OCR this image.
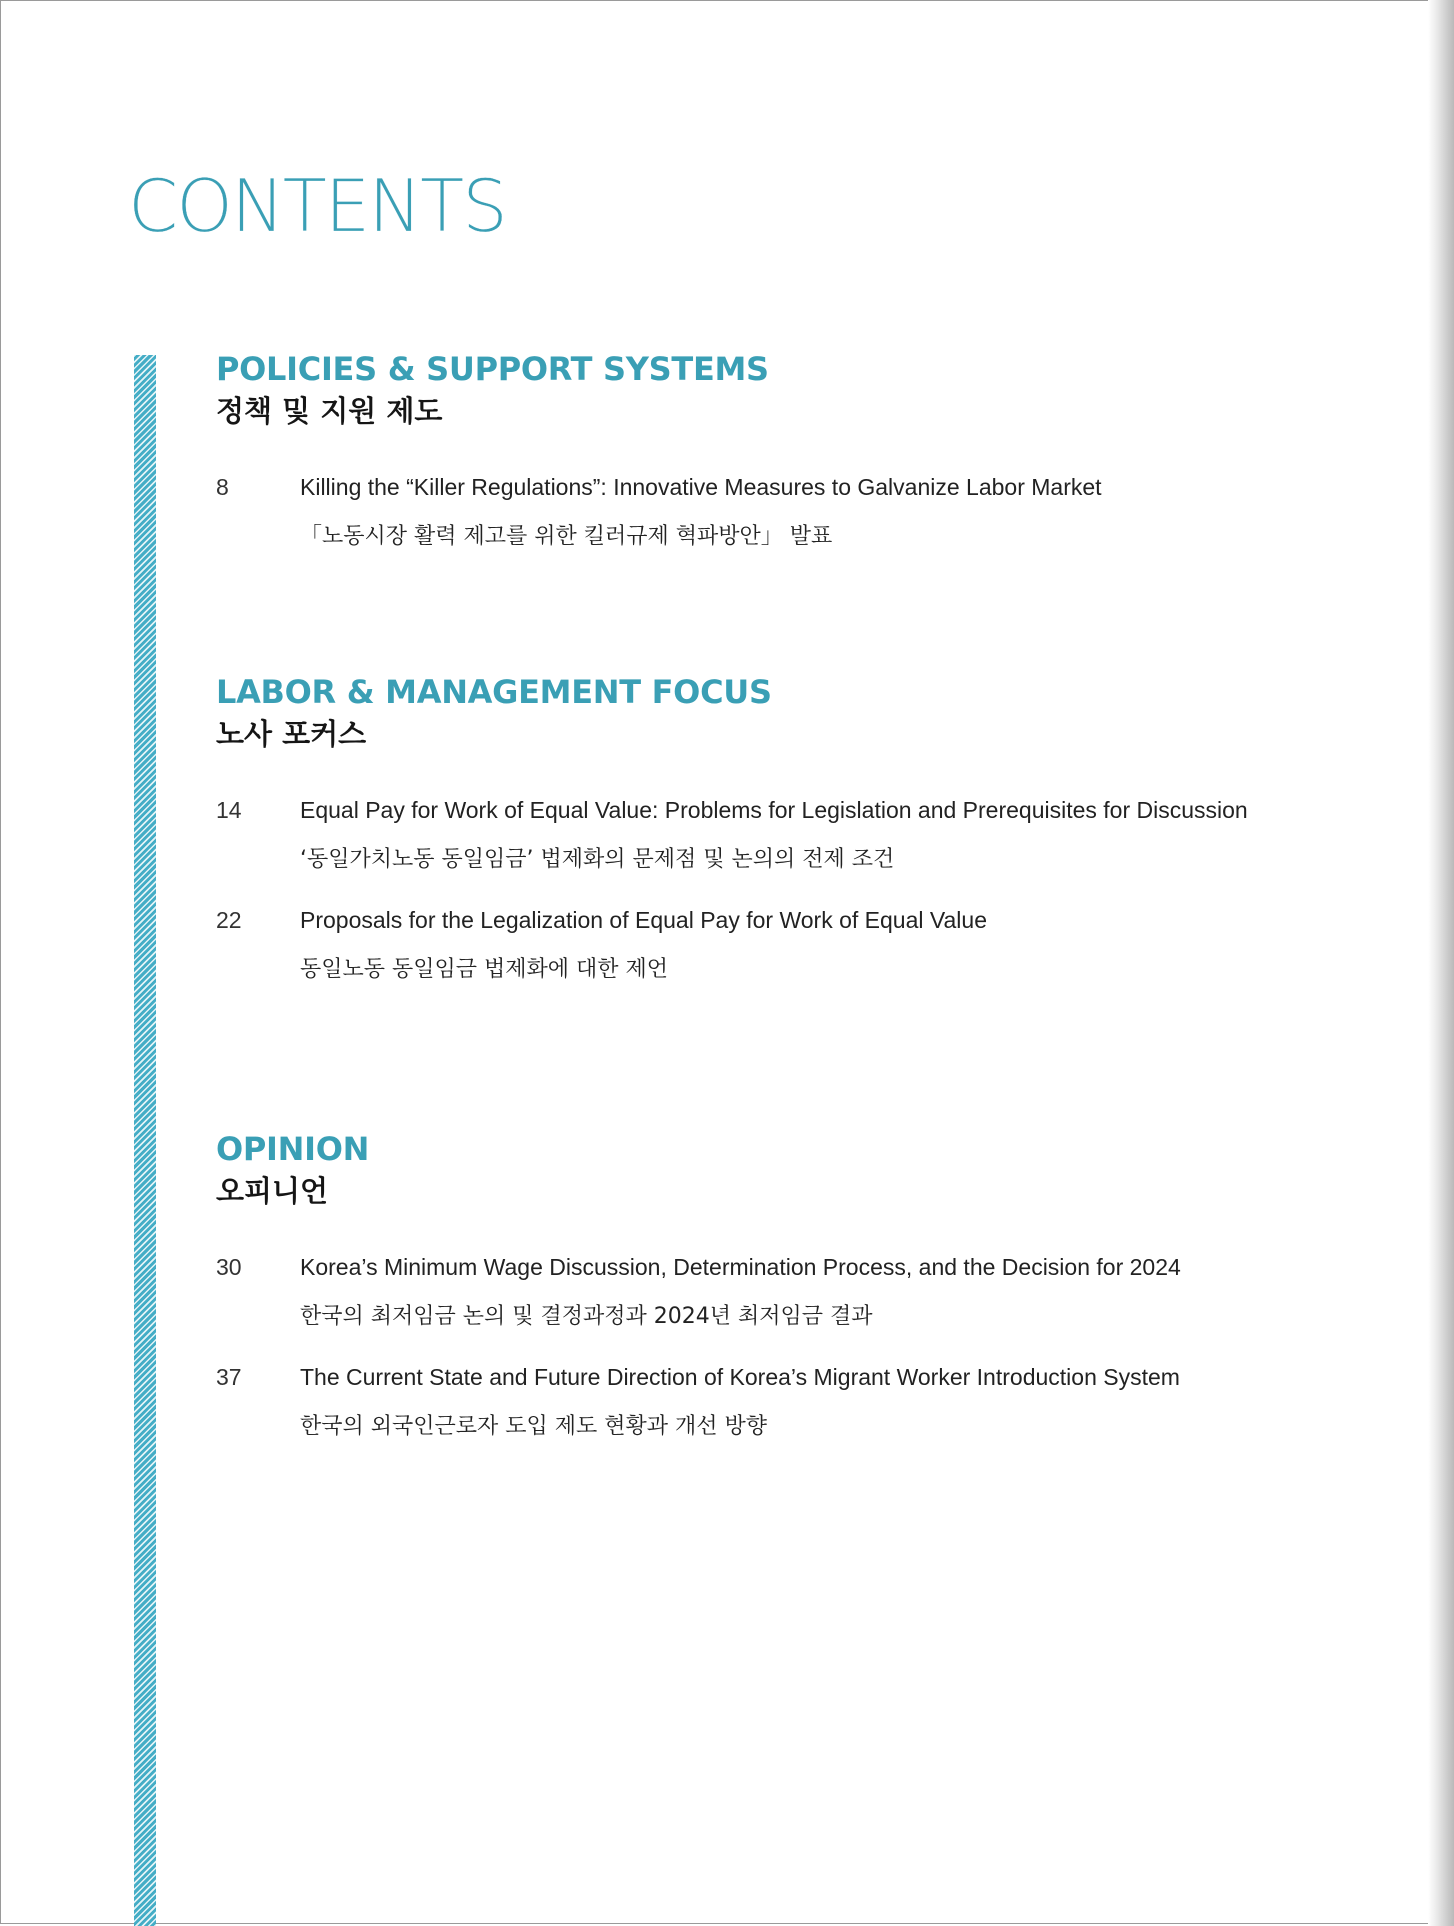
CONTENTS
POLICIES & SUPPORT SYSTEMS
정책 및 지원 제도
8	Killing the “Killer Regulations”: Innovative Measures to Galvanize Labor Market
「노동시장 활력 제고를 위한 킬러규제 혁파방안」 발표
LABOR & MANAGEMENT FOCUS
노사 포커스
14	Equal Pay for Work of Equal Value: Problems for Legislation and Prerequisites for Discussion
‘동일가치노동 동일임금’ 법제화의 문제점 및 논의의 전제 조건
22	Proposals for the Legalization of Equal Pay for Work of Equal Value
동일노동 동일임금 법제화에 대한 제언
OPINION
오피니언
30	Korea’s Minimum Wage Discussion, Determination Process, and the Decision for 2024
한국의 최저임금 논의 및 결정과정과 2024년 최저임금 결과
37	The Current State and Future Direction of Korea’s Migrant Worker Introduction System
한국의 외국인근로자 도입 제도 현황과 개선 방향
